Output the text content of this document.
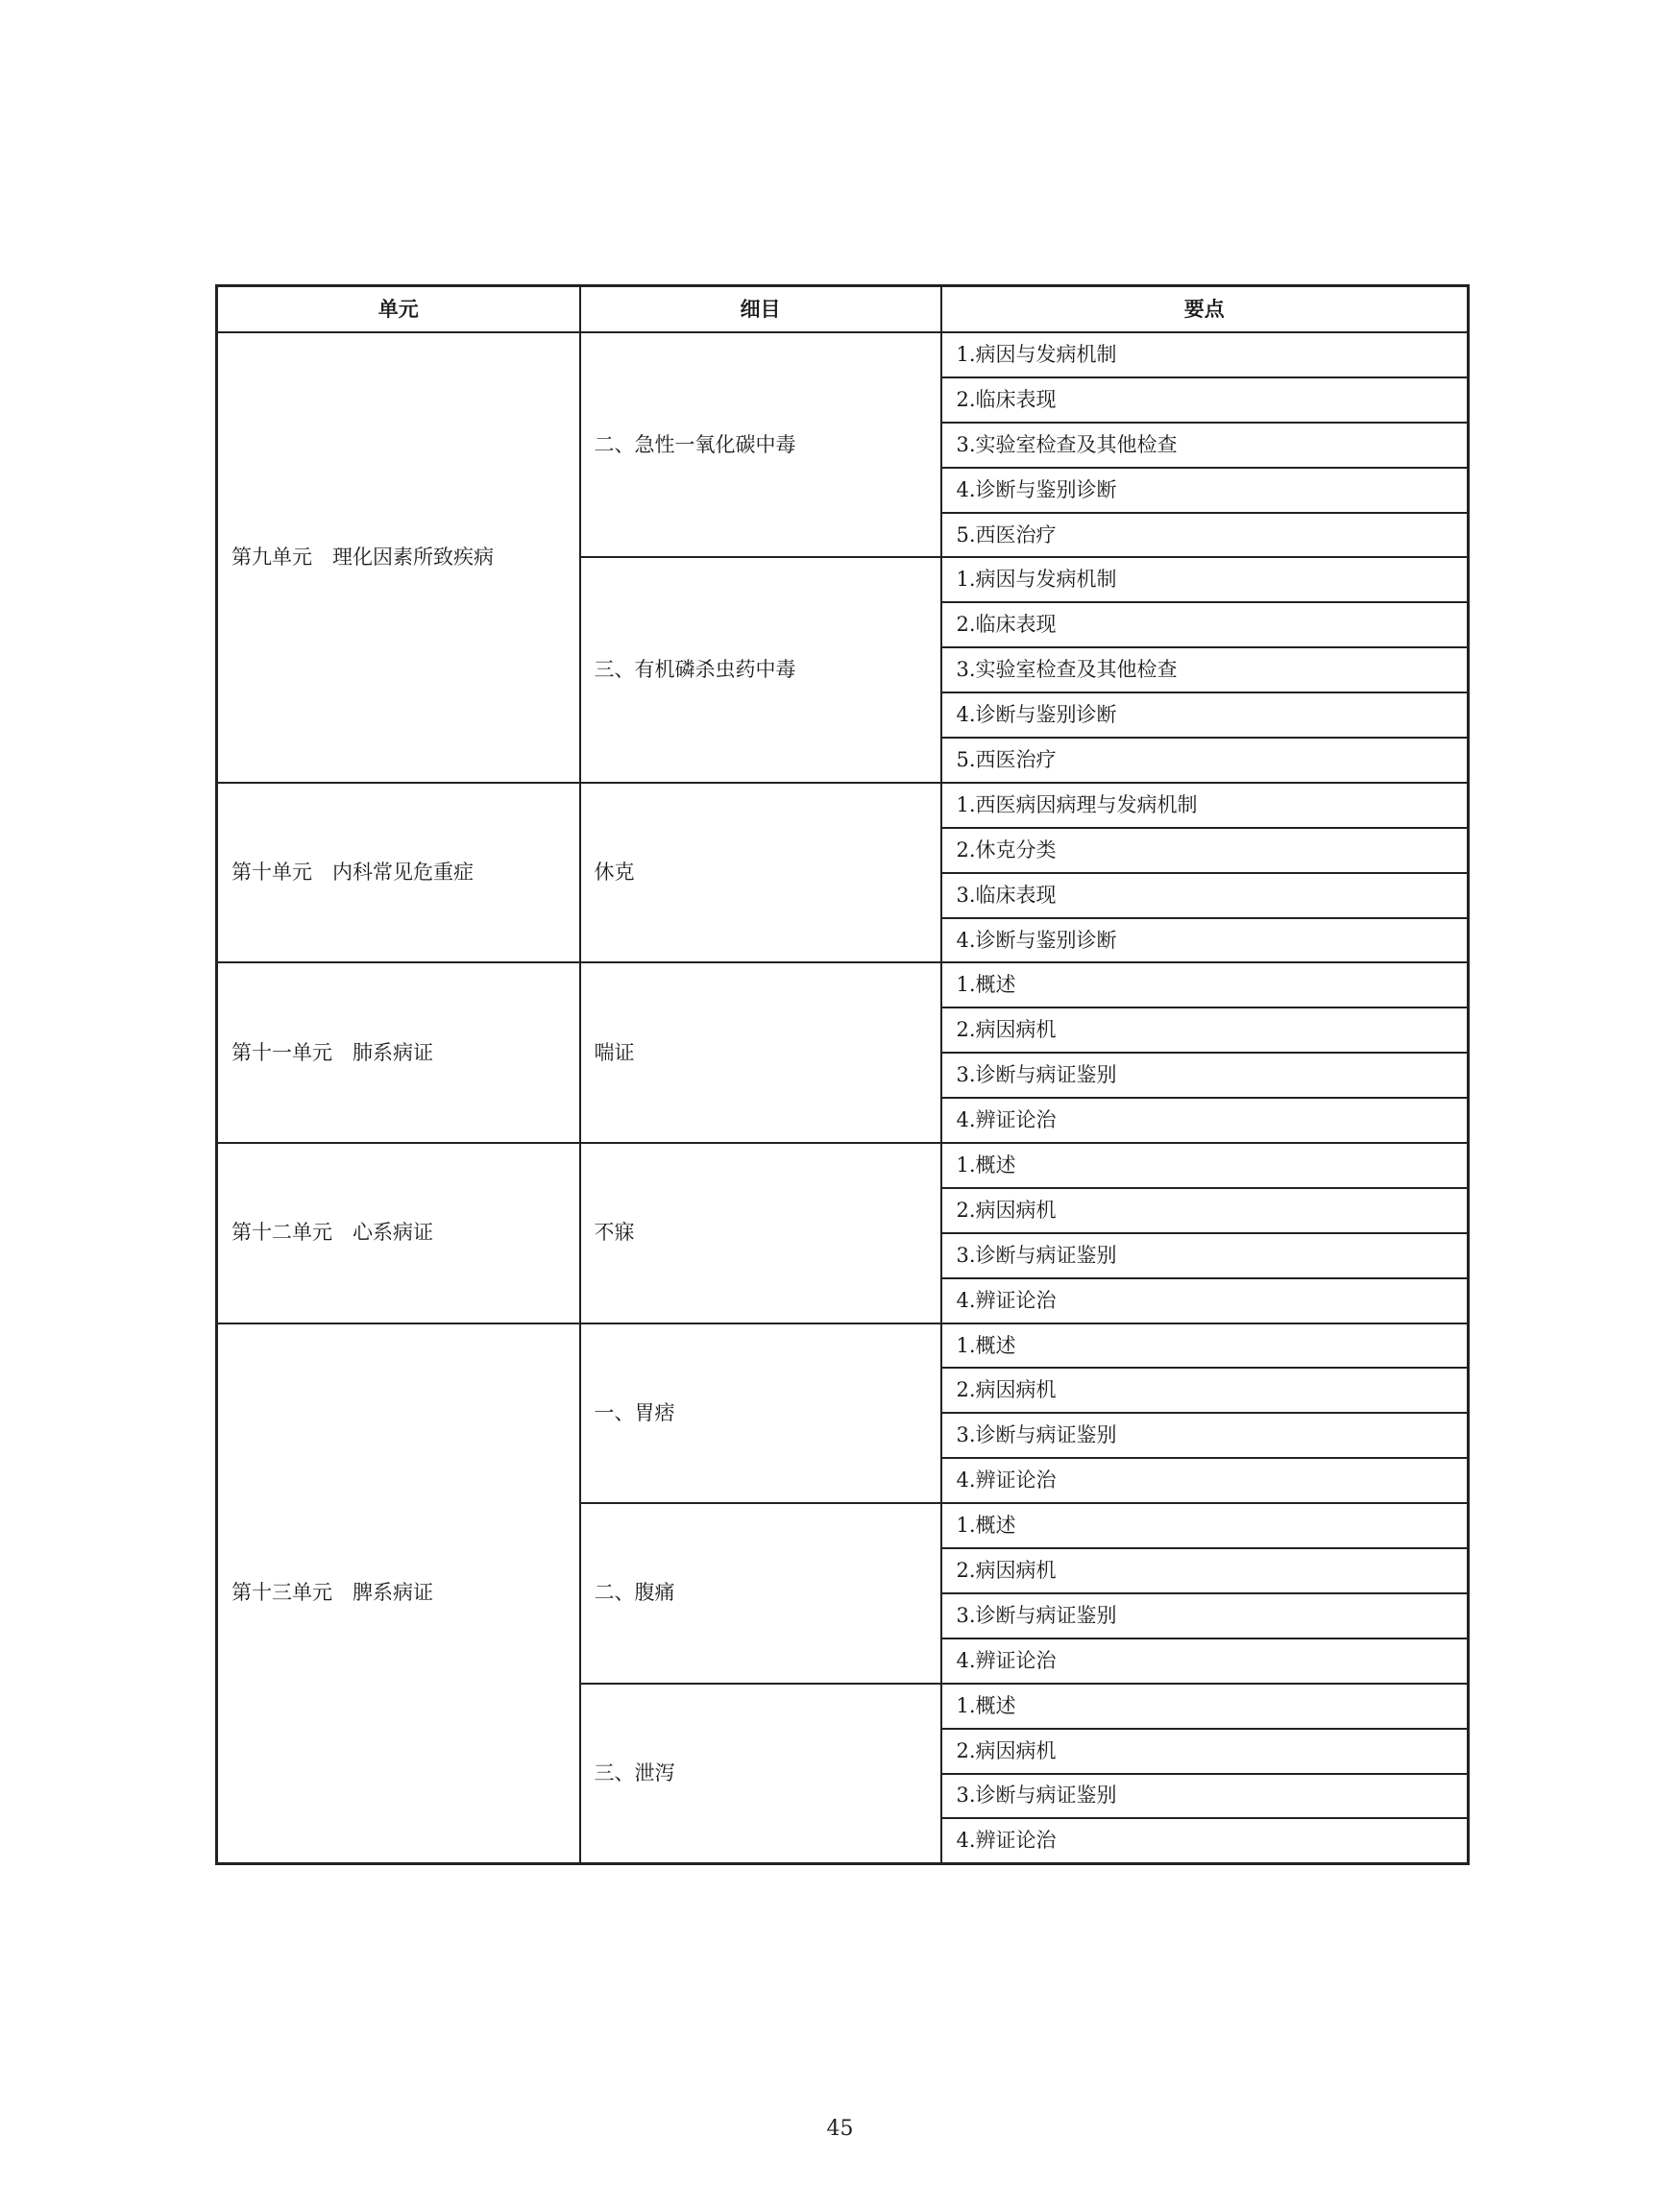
单元	细目	要点
第九单元　理化因素所致疾病	二、急性一氧化碳中毒	1.病因与发病机制
		2.临床表现
		3.实验室检查及其他检查
		4.诊断与鉴别诊断
		5.西医治疗
	三、有机磷杀虫药中毒	1.病因与发病机制
		2.临床表现
		3.实验室检查及其他检查
		4.诊断与鉴别诊断
		5.西医治疗
第十单元　内科常见危重症	休克	1.西医病因病理与发病机制
		2.休克分类
		3.临床表现
		4.诊断与鉴别诊断
第十一单元　肺系病证	喘证	1.概述
		2.病因病机
		3.诊断与病证鉴别
		4.辨证论治
第十二单元　心系病证	不寐	1.概述
		2.病因病机
		3.诊断与病证鉴别
		4.辨证论治
第十三单元　脾系病证	一、胃痞	1.概述
		2.病因病机
		3.诊断与病证鉴别
		4.辨证论治
	二、腹痛	1.概述
		2.病因病机
		3.诊断与病证鉴别
		4.辨证论治
	三、泄泻	1.概述
		2.病因病机
		3.诊断与病证鉴别
		4.辨证论治
45
